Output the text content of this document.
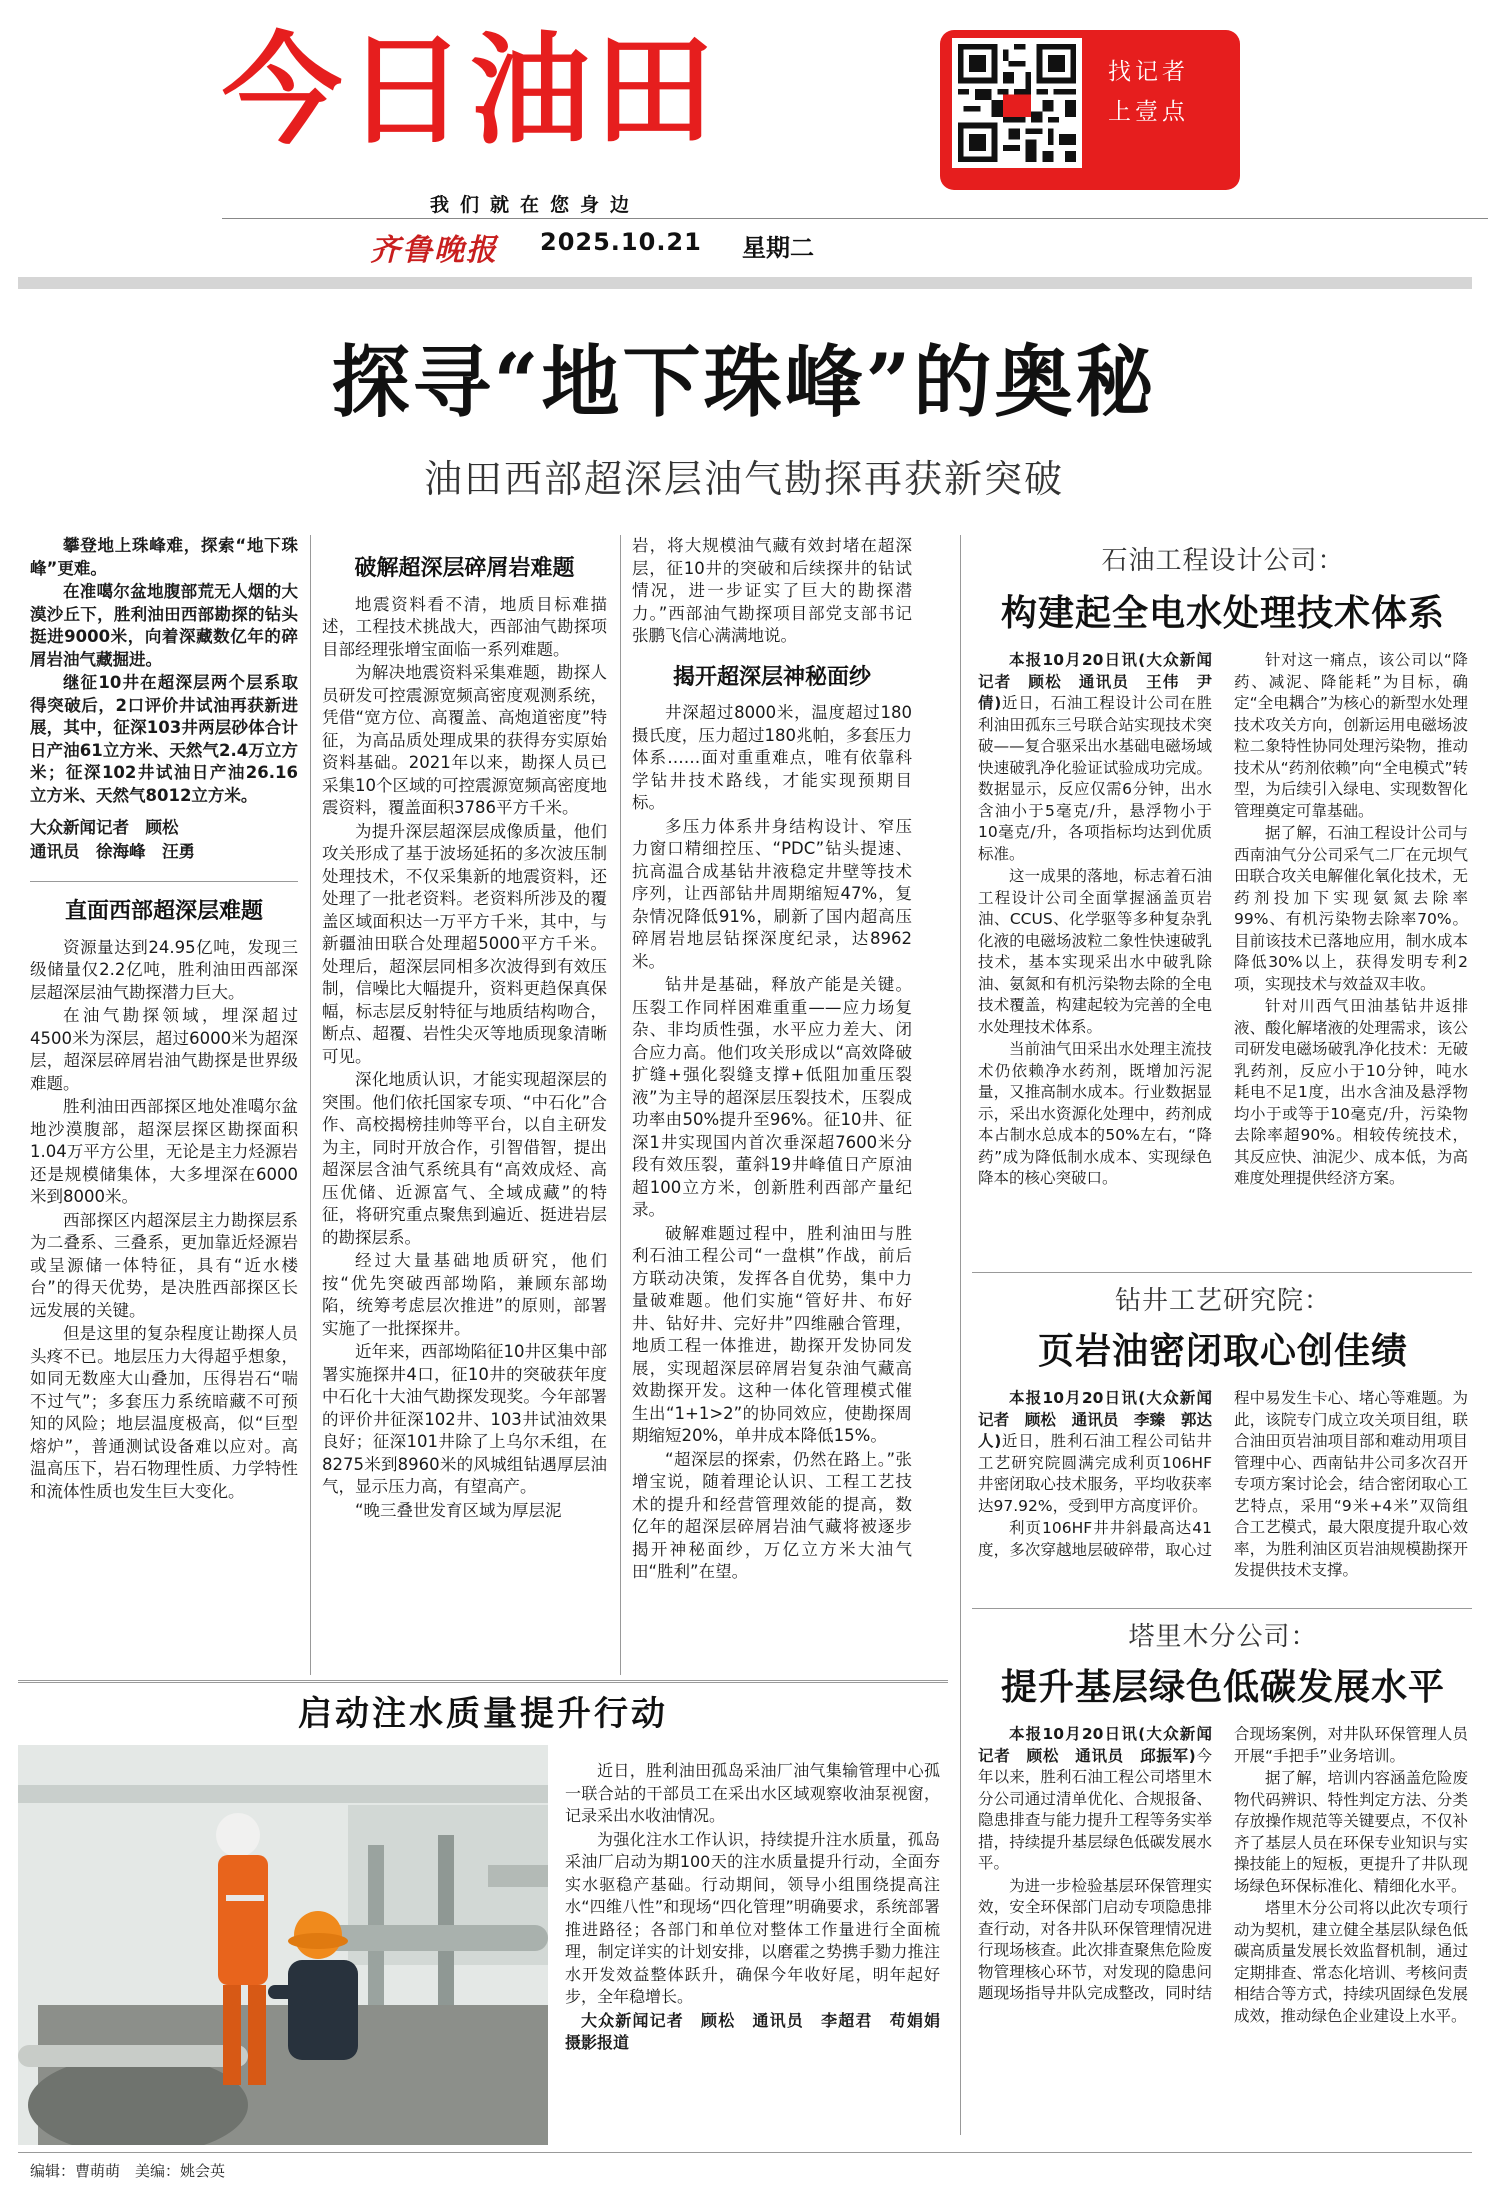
今日油田	找记者
上壹点
我们就在您身边
齐鲁晚报 2025.10.21 星期二
探寻“地下珠峰”的奥秘
油田西部超深层油气勘探再获新突破

攀登地上珠峰难，探索“地下珠峰”更难。

在准噶尔盆地腹部荒无人烟的大漠沙丘下，胜利油田西部勘探的钻头挺进9000米，向着深藏数亿年的碎屑岩油气藏掘进。

继征10井在超深层两个层系取得突破后，2口评价井试油再获新进展，其中，征深103井两层砂体合计日产油61立方米、天然气2.4万立方米；征深102井试油日产油26.16立方米、天然气8012立方米。

大众新闻记者　顾松

通讯员　徐海峰　汪勇

直面西部超深层难题

资源量达到24.95亿吨，发现三级储量仅2.2亿吨，胜利油田西部深层超深层油气勘探潜力巨大。

在油气勘探领域，埋深超过4500米为深层，超过6000米为超深层，超深层碎屑岩油气勘探是世界级难题。

胜利油田西部探区地处准噶尔盆地沙漠腹部，超深层探区勘探面积1.04万平方公里，无论是主力烃源岩还是规模储集体，大多埋深在6000米到8000米。

西部探区内超深层主力勘探层系为二叠系、三叠系，更加靠近烃源岩或呈源储一体特征，具有“近水楼台”的得天优势，是决胜西部探区长远发展的关键。

但是这里的复杂程度让勘探人员头疼不已。地层压力大得超乎想象，如同无数座大山叠加，压得岩石“喘不过气”；多套压力系统暗藏不可预知的风险；地层温度极高，似“巨型熔炉”，普通测试设备难以应对。高温高压下，岩石物理性质、力学特性和流体性质也发生巨大变化。

破解超深层碎屑岩难题

地震资料看不清，地质目标难描述，工程技术挑战大，西部油气勘探项目部经理张增宝面临一系列难题。

为解决地震资料采集难题，勘探人员研发可控震源宽频高密度观测系统，凭借“宽方位、高覆盖、高炮道密度”特征，为高品质处理成果的获得夯实原始资料基础。2021年以来，勘探人员已采集10个区域的可控震源宽频高密度地震资料，覆盖面积3786平方千米。

为提升深层超深层成像质量，他们攻关形成了基于波场延拓的多次波压制处理技术，不仅采集新的地震资料，还处理了一批老资料。老资料所涉及的覆盖区域面积达一万平方千米，其中，与新疆油田联合处理超5000平方千米。处理后，超深层同相多次波得到有效压制，信噪比大幅提升，资料更趋保真保幅，标志层反射特征与地质结构吻合，断点、超覆、岩性尖灭等地质现象清晰可见。

深化地质认识，才能实现超深层的突围。他们依托国家专项、“中石化”合作、高校揭榜挂帅等平台，以自主研发为主，同时开放合作，引智借智，提出超深层含油气系统具有“高效成烃、高压优储、近源富气、全域成藏”的特征，将研究重点聚焦到遍近、挺进岩层的勘探层系。

经过大量基础地质研究，他们按“优先突破西部坳陷，兼顾东部坳陷，统筹考虑层次推进”的原则，部署实施了一批探探井。

近年来，西部坳陷征10井区集中部署实施探井4口，征10井的突破获年度中石化十大油气勘探发现奖。今年部署的评价井征深102井、103井试油效果良好；征深101井除了上乌尔禾组，在8275米到8960米的风城组钻遇厚层油气，显示压力高，有望高产。

“晚三叠世发育区域为厚层泥

岩，将大规模油气藏有效封堵在超深层，征10井的突破和后续探井的钻试情况，进一步证实了巨大的勘探潜力。”西部油气勘探项目部党支部书记张鹏飞信心满满地说。

揭开超深层神秘面纱

井深超过8000米，温度超过180摄氏度，压力超过180兆帕，多套压力体系……面对重重难点，唯有依靠科学钻井技术路线，才能实现预期目标。

多压力体系井身结构设计、窄压力窗口精细控压、“PDC”钻头提速、抗高温合成基钻井液稳定井壁等技术序列，让西部钻井周期缩短47%，复杂情况降低91%，刷新了国内超高压碎屑岩地层钻探深度纪录，达8962米。

钻井是基础，释放产能是关键。压裂工作同样困难重重——应力场复杂、非均质性强，水平应力差大、闭合应力高。他们攻关形成以“高效降破扩缝+强化裂缝支撑+低阻加重压裂液”为主导的超深层压裂技术，压裂成功率由50%提升至96%。征10井、征深1井实现国内首次垂深超7600米分段有效压裂，董斜19井峰值日产原油超100立方米，创新胜利西部产量纪录。

破解难题过程中，胜利油田与胜利石油工程公司“一盘棋”作战，前后方联动决策，发挥各自优势，集中力量破难题。他们实施“管好井、布好井、钻好井、完好井”四维融合管理，地质工程一体推进，勘探开发协同发展，实现超深层碎屑岩复杂油气藏高效勘探开发。这种一体化管理模式催生出“1+1>2”的协同效应，使勘探周期缩短20%，单井成本降低15%。

“超深层的探索，仍然在路上。”张增宝说，随着理论认识、工程工艺技术的提升和经营管理效能的提高，数亿年的超深层碎屑岩油气藏将被逐步揭开神秘面纱，万亿立方米大油气田“胜利”在望。

石油工程设计公司：
构建起全电水处理技术体系

本报10月20日讯(大众新闻记者　顾松　通讯员　王伟　尹倩)近日，石油工程设计公司在胜利油田孤东三号联合站实现技术突破——复合驱采出水基础电磁场域快速破乳净化验证试验成功完成。数据显示，反应仅需6分钟，出水含油小于5毫克/升，悬浮物小于10毫克/升，各项指标均达到优质标准。

这一成果的落地，标志着石油工程设计公司全面掌握涵盖页岩油、CCUS、化学驱等多种复杂乳化液的电磁场波粒二象性快速破乳技术，基本实现采出水中破乳除油、氨氮和有机污染物去除的全电技术覆盖，构建起较为完善的全电水处理技术体系。

当前油气田采出水处理主流技术仍依赖净水药剂，既增加污泥量，又推高制水成本。行业数据显示，采出水资源化处理中，药剂成本占制水总成本的50%左右，“降药”成为降低制水成本、实现绿色降本的核心突破口。

针对这一痛点，该公司以“降药、减泥、降能耗”为目标，确定“全电耦合”为核心的新型水处理技术攻关方向，创新运用电磁场波粒二象特性协同处理污染物，推动技术从“药剂依赖”向“全电模式”转型，为后续引入绿电、实现数智化管理奠定可靠基础。

据了解，石油工程设计公司与西南油气分公司采气二厂在元坝气田联合攻关电解催化氧化技术，无药剂投加下实现氨氮去除率99%、有机污染物去除率70%。目前该技术已落地应用，制水成本降低30%以上，获得发明专利2项，实现技术与效益双丰收。

针对川西气田油基钻井返排液、酸化解堵液的处理需求，该公司研发电磁场破乳净化技术：无破乳药剂，反应小于10分钟，吨水耗电不足1度，出水含油及悬浮物均小于或等于10毫克/升，污染物去除率超90%。相较传统技术，其反应快、油泥少、成本低，为高难度处理提供经济方案。

钻井工艺研究院：
页岩油密闭取心创佳绩

本报10月20日讯(大众新闻记者　顾松　通讯员　李臻　郭达人)近日，胜利石油工程公司钻井工艺研究院圆满完成利页106HF井密闭取心技术服务，平均收获率达97.92%，受到甲方高度评价。

利页106HF井井斜最高达41度，多次穿越地层破碎带，取心过程中易发生卡心、堵心等难题。为此，该院专门成立攻关项目组，联合油田页岩油项目部和难动用项目管理中心、西南钻井公司多次召开专项方案讨论会，结合密闭取心工艺特点，采用“9米+4米”双筒组合工艺模式，最大限度提升取心效率，为胜利油区页岩油规模勘探开发提供技术支撑。

塔里木分公司：
提升基层绿色低碳发展水平

本报10月20日讯(大众新闻记者　顾松　通讯员　邱振军)今年以来，胜利石油工程公司塔里木分公司通过清单优化、合规报备、隐患排查与能力提升工程等务实举措，持续提升基层绿色低碳发展水平。

为进一步检验基层环保管理实效，安全环保部门启动专项隐患排查行动，对各井队环保管理情况进行现场核查。此次排查聚焦危险废物管理核心环节，对发现的隐患问题现场指导井队完成整改，同时结合现场案例，对井队环保管理人员开展“手把手”业务培训。

据了解，培训内容涵盖危险废物代码辨识、特性判定方法、分类存放操作规范等关键要点，不仅补齐了基层人员在环保专业知识与实操技能上的短板，更提升了井队现场绿色环保标准化、精细化水平。

塔里木分公司将以此次专项行动为契机，建立健全基层队绿色低碳高质量发展长效监督机制，通过定期排查、常态化培训、考核问责相结合等方式，持续巩固绿色发展成效，推动绿色企业建设上水平。

启动注水质量提升行动

近日，胜利油田孤岛采油厂油气集输管理中心孤一联合站的干部员工在采出水区域观察收油泵视窗，记录采出水收油情况。

为强化注水工作认识，持续提升注水质量，孤岛采油厂启动为期100天的注水质量提升行动，全面夯实水驱稳产基础。行动期间，领导小组围绕提高注水“四维八性”和现场“四化管理”明确要求，系统部署推进路径；各部门和单位对整体工作量进行全面梳理，制定详实的计划安排，以磨霍之势携手勠力推注水开发效益整体跃升，确保今年收好尾，明年起好步，全年稳增长。

大众新闻记者　顾松　通讯员　李超君　苟娟娟　摄影报道

编辑：曹萌萌　美编：姚会英
